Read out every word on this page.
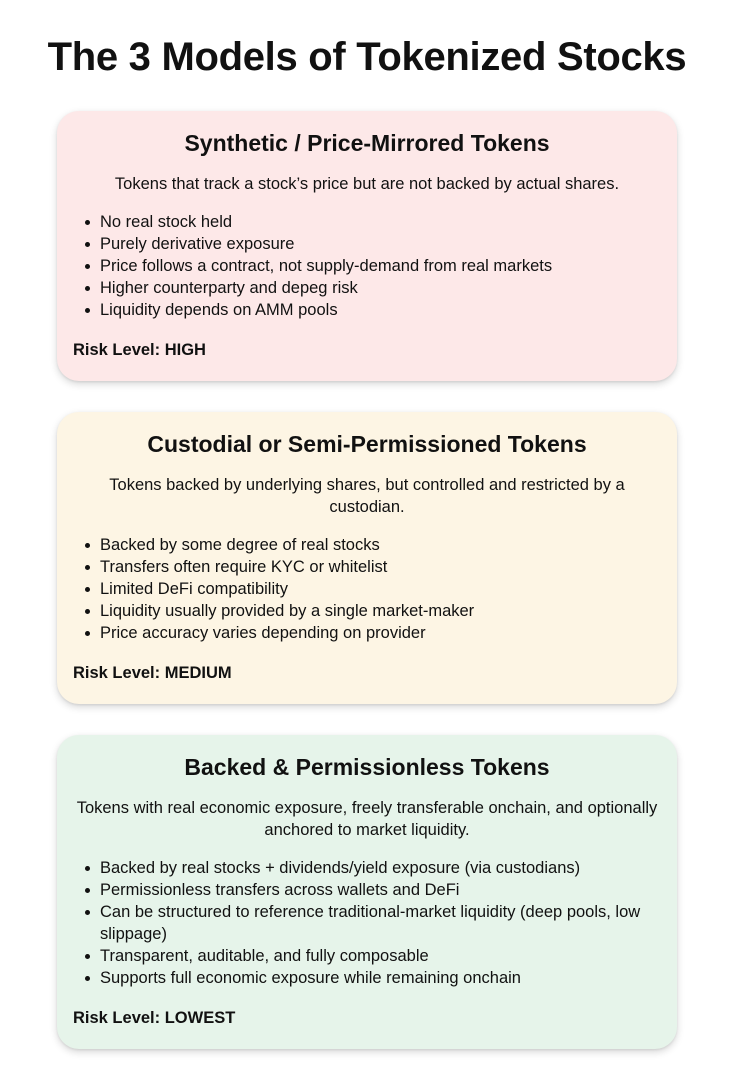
The 3 Models of Tokenized Stocks
Synthetic / Price-Mirrored Tokens

Tokens that track a stock’s price but are not backed by actual shares.

No real stock held
Purely derivative exposure
Price follows a contract, not supply-demand from real markets
Higher counterparty and depeg risk
Liquidity depends on AMM pools

Risk Level: HIGH

Custodial or Semi-Permissioned Tokens

Tokens backed by underlying shares, but controlled and restricted by a custodian.

Backed by some degree of real stocks
Transfers often require KYC or whitelist
Limited DeFi compatibility
Liquidity usually provided by a single market-maker
Price accuracy varies depending on provider

Risk Level: MEDIUM

Backed & Permissionless Tokens

Tokens with real economic exposure, freely transferable onchain, and optionally anchored to market liquidity.

Backed by real stocks + dividends/yield exposure (via custodians)
Permissionless transfers across wallets and DeFi
Can be structured to reference traditional-market liquidity (deep pools, low slippage)
Transparent, auditable, and fully composable
Supports full economic exposure while remaining onchain

Risk Level: LOWEST
